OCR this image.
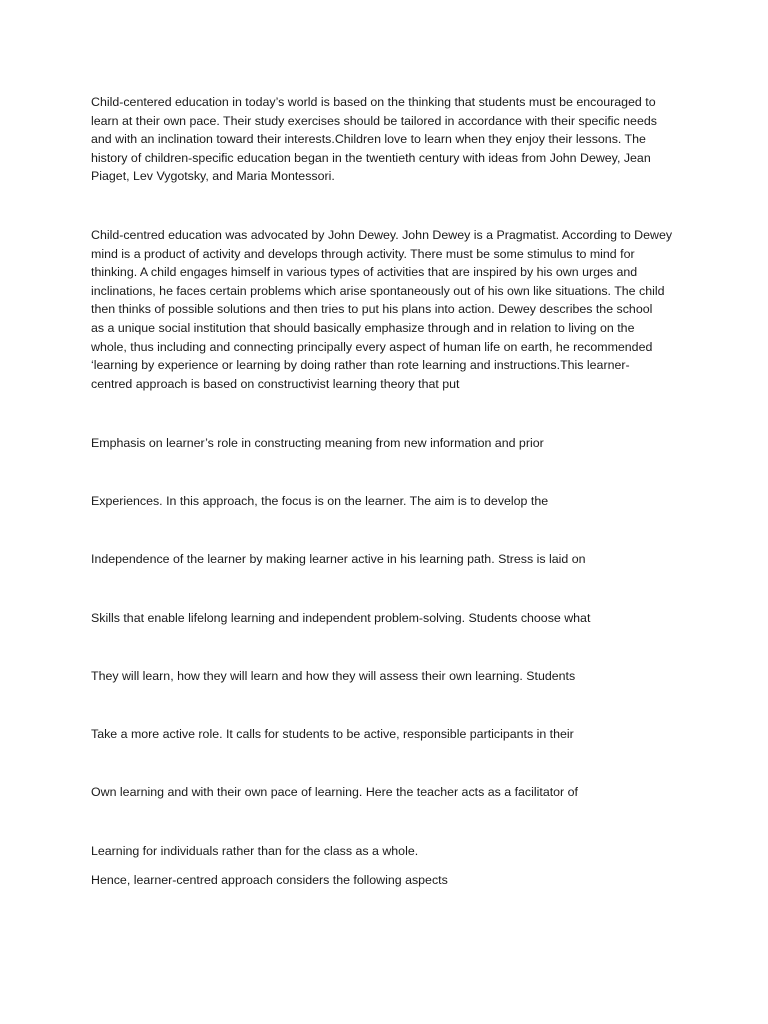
Child-centered education in today’s world is based on the thinking that students must be encouraged to
learn at their own pace. Their study exercises should be tailored in accordance with their specific needs
and with an inclination toward their interests.Children love to learn when they enjoy their lessons. The
history of children-specific education began in the twentieth century with ideas from John Dewey, Jean
Piaget, Lev Vygotsky, and Maria Montessori.

Child-centred education was advocated by John Dewey. John Dewey is a Pragmatist. According to Dewey
mind is a product of activity and develops through activity. There must be some stimulus to mind for
thinking. A child engages himself in various types of activities that are inspired by his own urges and
inclinations, he faces certain problems which arise spontaneously out of his own like situations. The child
then thinks of possible solutions and then tries to put his plans into action. Dewey describes the school
as a unique social institution that should basically emphasize through and in relation to living on the
whole, thus including and connecting principally every aspect of human life on earth, he recommended
‘learning by experience or learning by doing rather than rote learning and instructions.This learner-
centred approach is based on constructivist learning theory that put

Emphasis on learner’s role in constructing meaning from new information and prior

Experiences. In this approach, the focus is on the learner. The aim is to develop the

Independence of the learner by making learner active in his learning path. Stress is laid on

Skills that enable lifelong learning and independent problem-solving. Students choose what

They will learn, how they will learn and how they will assess their own learning. Students

Take a more active role. It calls for students to be active, responsible participants in their

Own learning and with their own pace of learning. Here the teacher acts as a facilitator of

Learning for individuals rather than for the class as a whole.

Hence, learner-centred approach considers the following aspects
